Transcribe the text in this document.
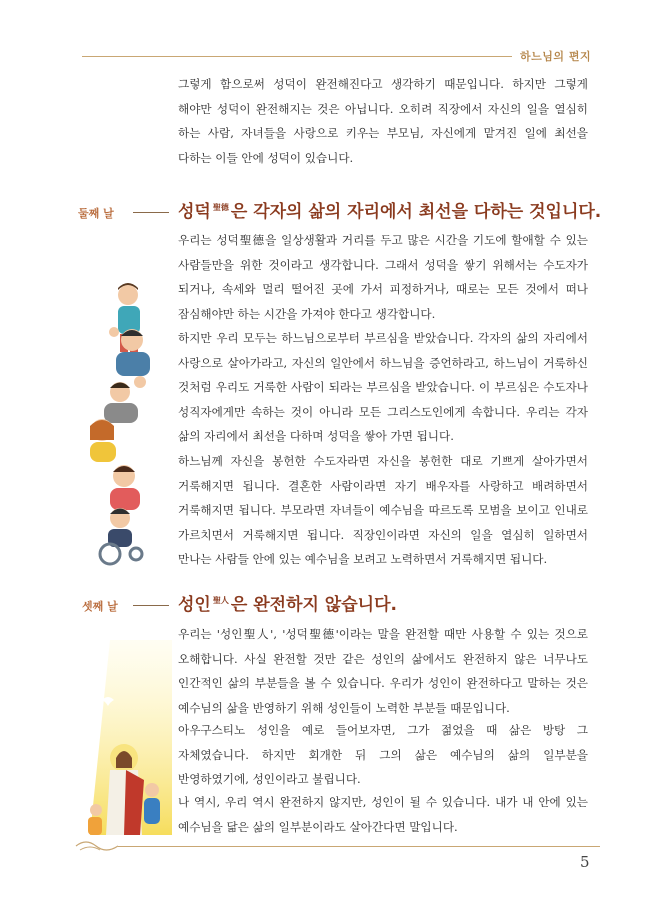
하느님의 편지

그렇게 함으로써 성덕이 완전해진다고 생각하기 때문입니다. 하지만 그렇게 해야만 성덕이 완전해지는 것은 아닙니다. 오히려 직장에서 자신의 일을 열심히 하는 사람, 자녀들을 사랑으로 키우는 부모님, 자신에게 맡겨진 일에 최선을 다하는 이들 안에 성덕이 있습니다.

둘째 날	성덕 $^{聖德}$ 은 각자의 삶의 자리에서 최선을 다하는 것입니다.

우리는 성덕聖德을 일상생활과 거리를 두고 많은 시간을 기도에 할애할 수 있는 사람들만을 위한 것이라고 생각합니다. 그래서 성덕을 쌓기 위해서는 수도자가 되거나, 속세와 멀리 떨어진 곳에 가서 피정하거나, 때로는 모든 것에서 떠나 잠심해야만 하는 시간을 가져야 한다고 생각합니다.

하지만 우리 모두는 하느님으로부터 부르심을 받았습니다. 각자의 삶의 자리에서 사랑으로 살아가라고, 자신의 일안에서 하느님을 증언하라고, 하느님이 거룩하신 것처럼 우리도 거룩한 사람이 되라는 부르심을 받았습니다. 이 부르심은 수도자나 성직자에게만 속하는 것이 아니라 모든 그리스도인에게 속합니다. 우리는 각자 삶의 자리에서 최선을 다하며 성덕을 쌓아 가면 됩니다.

하느님께 자신을 봉헌한 수도자라면 자신을 봉헌한 대로 기쁘게 살아가면서 거룩해지면 됩니다. 결혼한 사람이라면 자기 배우자를 사랑하고 배려하면서 거룩해지면 됩니다. 부모라면 자녀들이 예수님을 따르도록 모범을 보이고 인내로 가르치면서 거룩해지면 됩니다. 직장인이라면 자신의 일을 열심히 일하면서 만나는 사람들 안에 있는 예수님을 보려고 노력하면서 거룩해지면 됩니다.

셋째 날	성인 $^{聖人}$ 은 완전하지 않습니다.

우리는 '성인聖人', '성덕聖德'이라는 말을 완전할 때만 사용할 수 있는 것으로 오해합니다. 사실 완전할 것만 같은 성인의 삶에서도 완전하지 않은 너무나도 인간적인 삶의 부분들을 볼 수 있습니다. 우리가 성인이 완전하다고 말하는 것은 예수님의 삶을 반영하기 위해 성인들이 노력한 부분들 때문입니다.

아우구스티노 성인을 예로 들어보자면, 그가 젊었을 때 삶은 방탕 그 자체였습니다. 하지만 회개한 뒤 그의 삶은 예수님의 삶의 일부분을 반영하였기에, 성인이라고 불립니다.

나 역시, 우리 역시 완전하지 않지만, 성인이 될 수 있습니다. 내가 내 안에 있는 예수님을 닮은 삶의 일부분이라도 살아간다면 말입니다.

5
